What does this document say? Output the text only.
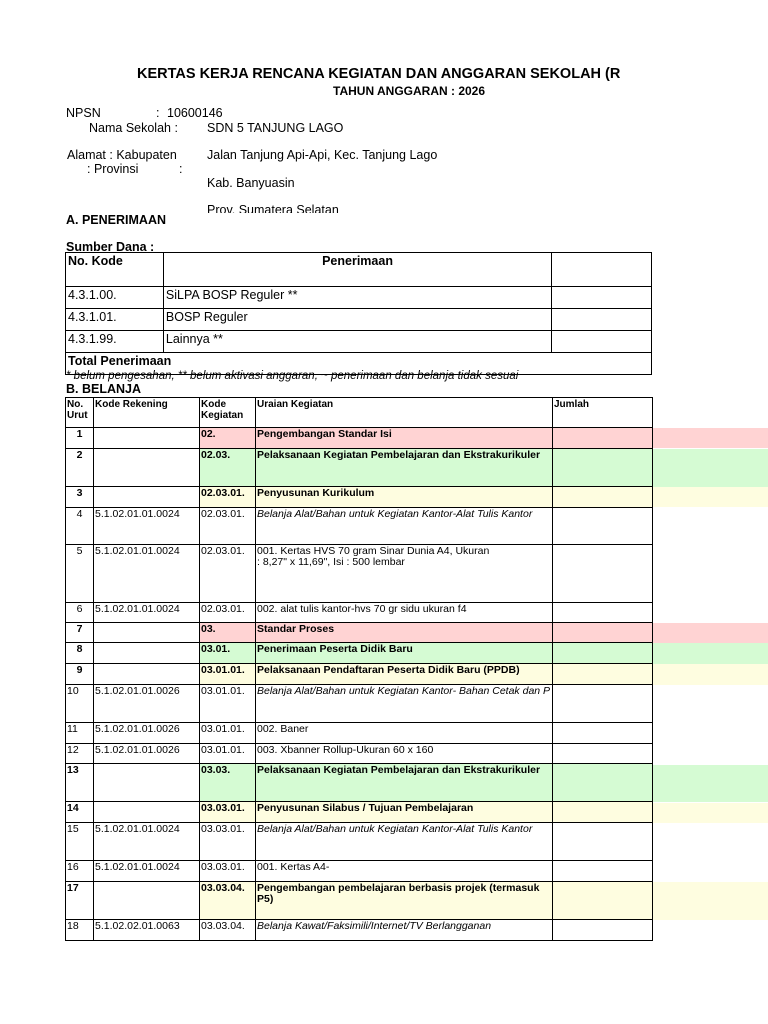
KERTAS KERJA RENCANA KEGIATAN DAN ANGGARAN SEKOLAH (R
TAHUN ANGGARAN : 2026
NPSN	: 10600146
Nama Sekolah : SDN 5 TANJUNG LAGO
Alamat : Kabupaten
: Provinsi	:
Jalan Tanjung Api-Api, Kec. Tanjung Lago
Kab. Banyuasin
Prov. Sumatera Selatan
A. PENERIMAAN
Sumber Dana :
No. Kode	Penerimaan	
4.3.1.00.	SiLPA BOSP Reguler **	
4.3.1.01.	BOSP Reguler	
4.3.1.99.	Lainnya **	
Total Penerimaan		
* belum pengesahan, ** belum aktivasi anggaran, ~ penerimaan dan belanja tidak sesuai
B. BELANJA
No. Urut	Kode Rekening	Kode Kegiatan	Uraian Kegiatan	Jumlah
1		02.	Pengembangan Standar Isi	
2		02.03.	Pelaksanaan Kegiatan Pembelajaran dan Ekstrakurikuler	
3		02.03.01.	Penyusunan Kurikulum	
4	5.1.02.01.01.0024	02.03.01.	Belanja Alat/Bahan untuk Kegiatan Kantor-Alat Tulis Kantor	
5	5.1.02.01.01.0024	02.03.01.	001. Kertas HVS 70 gram Sinar Dunia A4, Ukuran : 8,27" x 11,69", Isi : 500 lembar	
6	5.1.02.01.01.0024	02.03.01.	002. alat tulis kantor-hvs 70 gr sidu ukuran f4	
7		03.	Standar Proses	
8		03.01.	Penerimaan Peserta Didik Baru	
9		03.01.01.	Pelaksanaan Pendaftaran Peserta Didik Baru (PPDB)	
10	5.1.02.01.01.0026	03.01.01.	Belanja Alat/Bahan untuk Kegiatan Kantor- Bahan Cetak dan P	
11	5.1.02.01.01.0026	03.01.01.	002. Baner	
12	5.1.02.01.01.0026	03.01.01.	003. Xbanner Rollup-Ukuran 60 x 160	
13		03.03.	Pelaksanaan Kegiatan Pembelajaran dan Ekstrakurikuler	
14		03.03.01.	Penyusunan Silabus / Tujuan Pembelajaran	
15	5.1.02.01.01.0024	03.03.01.	Belanja Alat/Bahan untuk Kegiatan Kantor-Alat Tulis Kantor	
16	5.1.02.01.01.0024	03.03.01.	001. Kertas A4-	
17		03.03.04.	Pengembangan pembelajaran berbasis projek (termasuk P5)	
18	5.1.02.02.01.0063	03.03.04.	Belanja Kawat/Faksimili/Internet/TV Berlangganan	
